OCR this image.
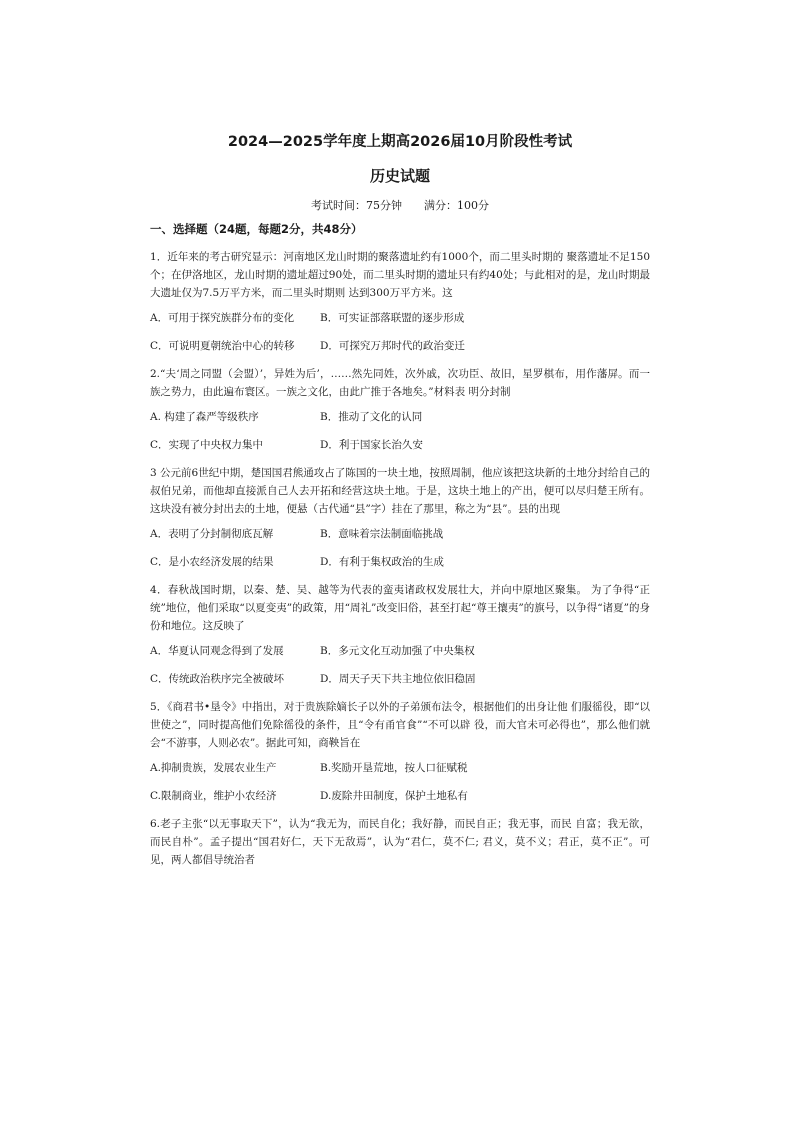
2024—2025学年度上期高2026届10月阶段性考试
历史试题
考试时间：75分钟 满分：100分
一、选择题（24题，每题2分，共48分）
1．近年来的考古研究显示：河南地区龙山时期的聚落遗址约有1000个，而二里头时期的 聚落遗址不足150个；在伊洛地区，龙山时期的遗址超过90处，而二里头时期的遗址只有约40处；与此相对的是，龙山时期最大遗址仅为7.5万平方米，而二里头时期则 达到300万平方米。这
A．可用于探究族群分布的变化	B．可实证部落联盟的逐步形成
C．可说明夏朝统治中心的转移	D．可探究万邦时代的政治变迁
2.“夫‘周之同盟（会盟）’，异姓为后’，……然先同姓，次外戚，次功臣、故旧，星罗棋布，用作藩屏。而一族之势力，由此遍布寰区。一族之文化，由此广推于各地矣。”材料表 明分封制
A. 构建了森严等级秩序	B．推动了文化的认同
C．实现了中央权力集中	D．利于国家长治久安
3 公元前6世纪中期，楚国国君熊通攻占了陈国的一块土地，按照周制，他应该把这块新的土地分封给自己的叔伯兄弟，而他却直接派自己人去开拓和经营这块土地。于是，这块土地上的产出，便可以尽归楚王所有。这块没有被分封出去的土地，便悬（古代通“县”字）挂在了那里，称之为“县”。县的出现
A．表明了分封制彻底瓦解	B．意味着宗法制面临挑战
C．是小农经济发展的结果	D．有利于集权政治的生成
4．春秋战国时期，以秦、楚、吴、越等为代表的蛮夷诸政权发展壮大，并向中原地区聚集。 为了争得“正统”地位，他们采取“以夏变夷”的政策，用“周礼”改变旧俗，甚至打起“尊王攘夷”的旗号，以争得“诸夏”的身份和地位。这反映了
A．华夏认同观念得到了发展	B．多元文化互动加强了中央集权
C．传统政治秩序完全被破坏	D．周天子天下共主地位依旧稳固
5．《商君书•垦令》中指出，对于贵族除嫡长子以外的子弟颁布法令，根据他们的出身让他 们服徭役，即“以世使之”，同时提高他们免除徭役的条件，且“令有甬官食”“不可以辟 役，而大官未可必得也”，那么他们就会“不游事，人则必农”。据此可知，商鞅旨在
A.抑制贵族，发展农业生产	B.奖励开垦荒地，按人口征赋税
C.限制商业，维护小农经济	D.废除井田制度，保护土地私有
6.老子主张“以无事取天下”，认为“我无为，而民自化；我好静，而民自正；我无事，而民 自富；我无欲，而民自朴”。孟子提出“国君好仁，天下无敌焉”，认为“君仁，莫不仁; 君义，莫不义；君正，莫不正”。可见，两人都倡导统治者
